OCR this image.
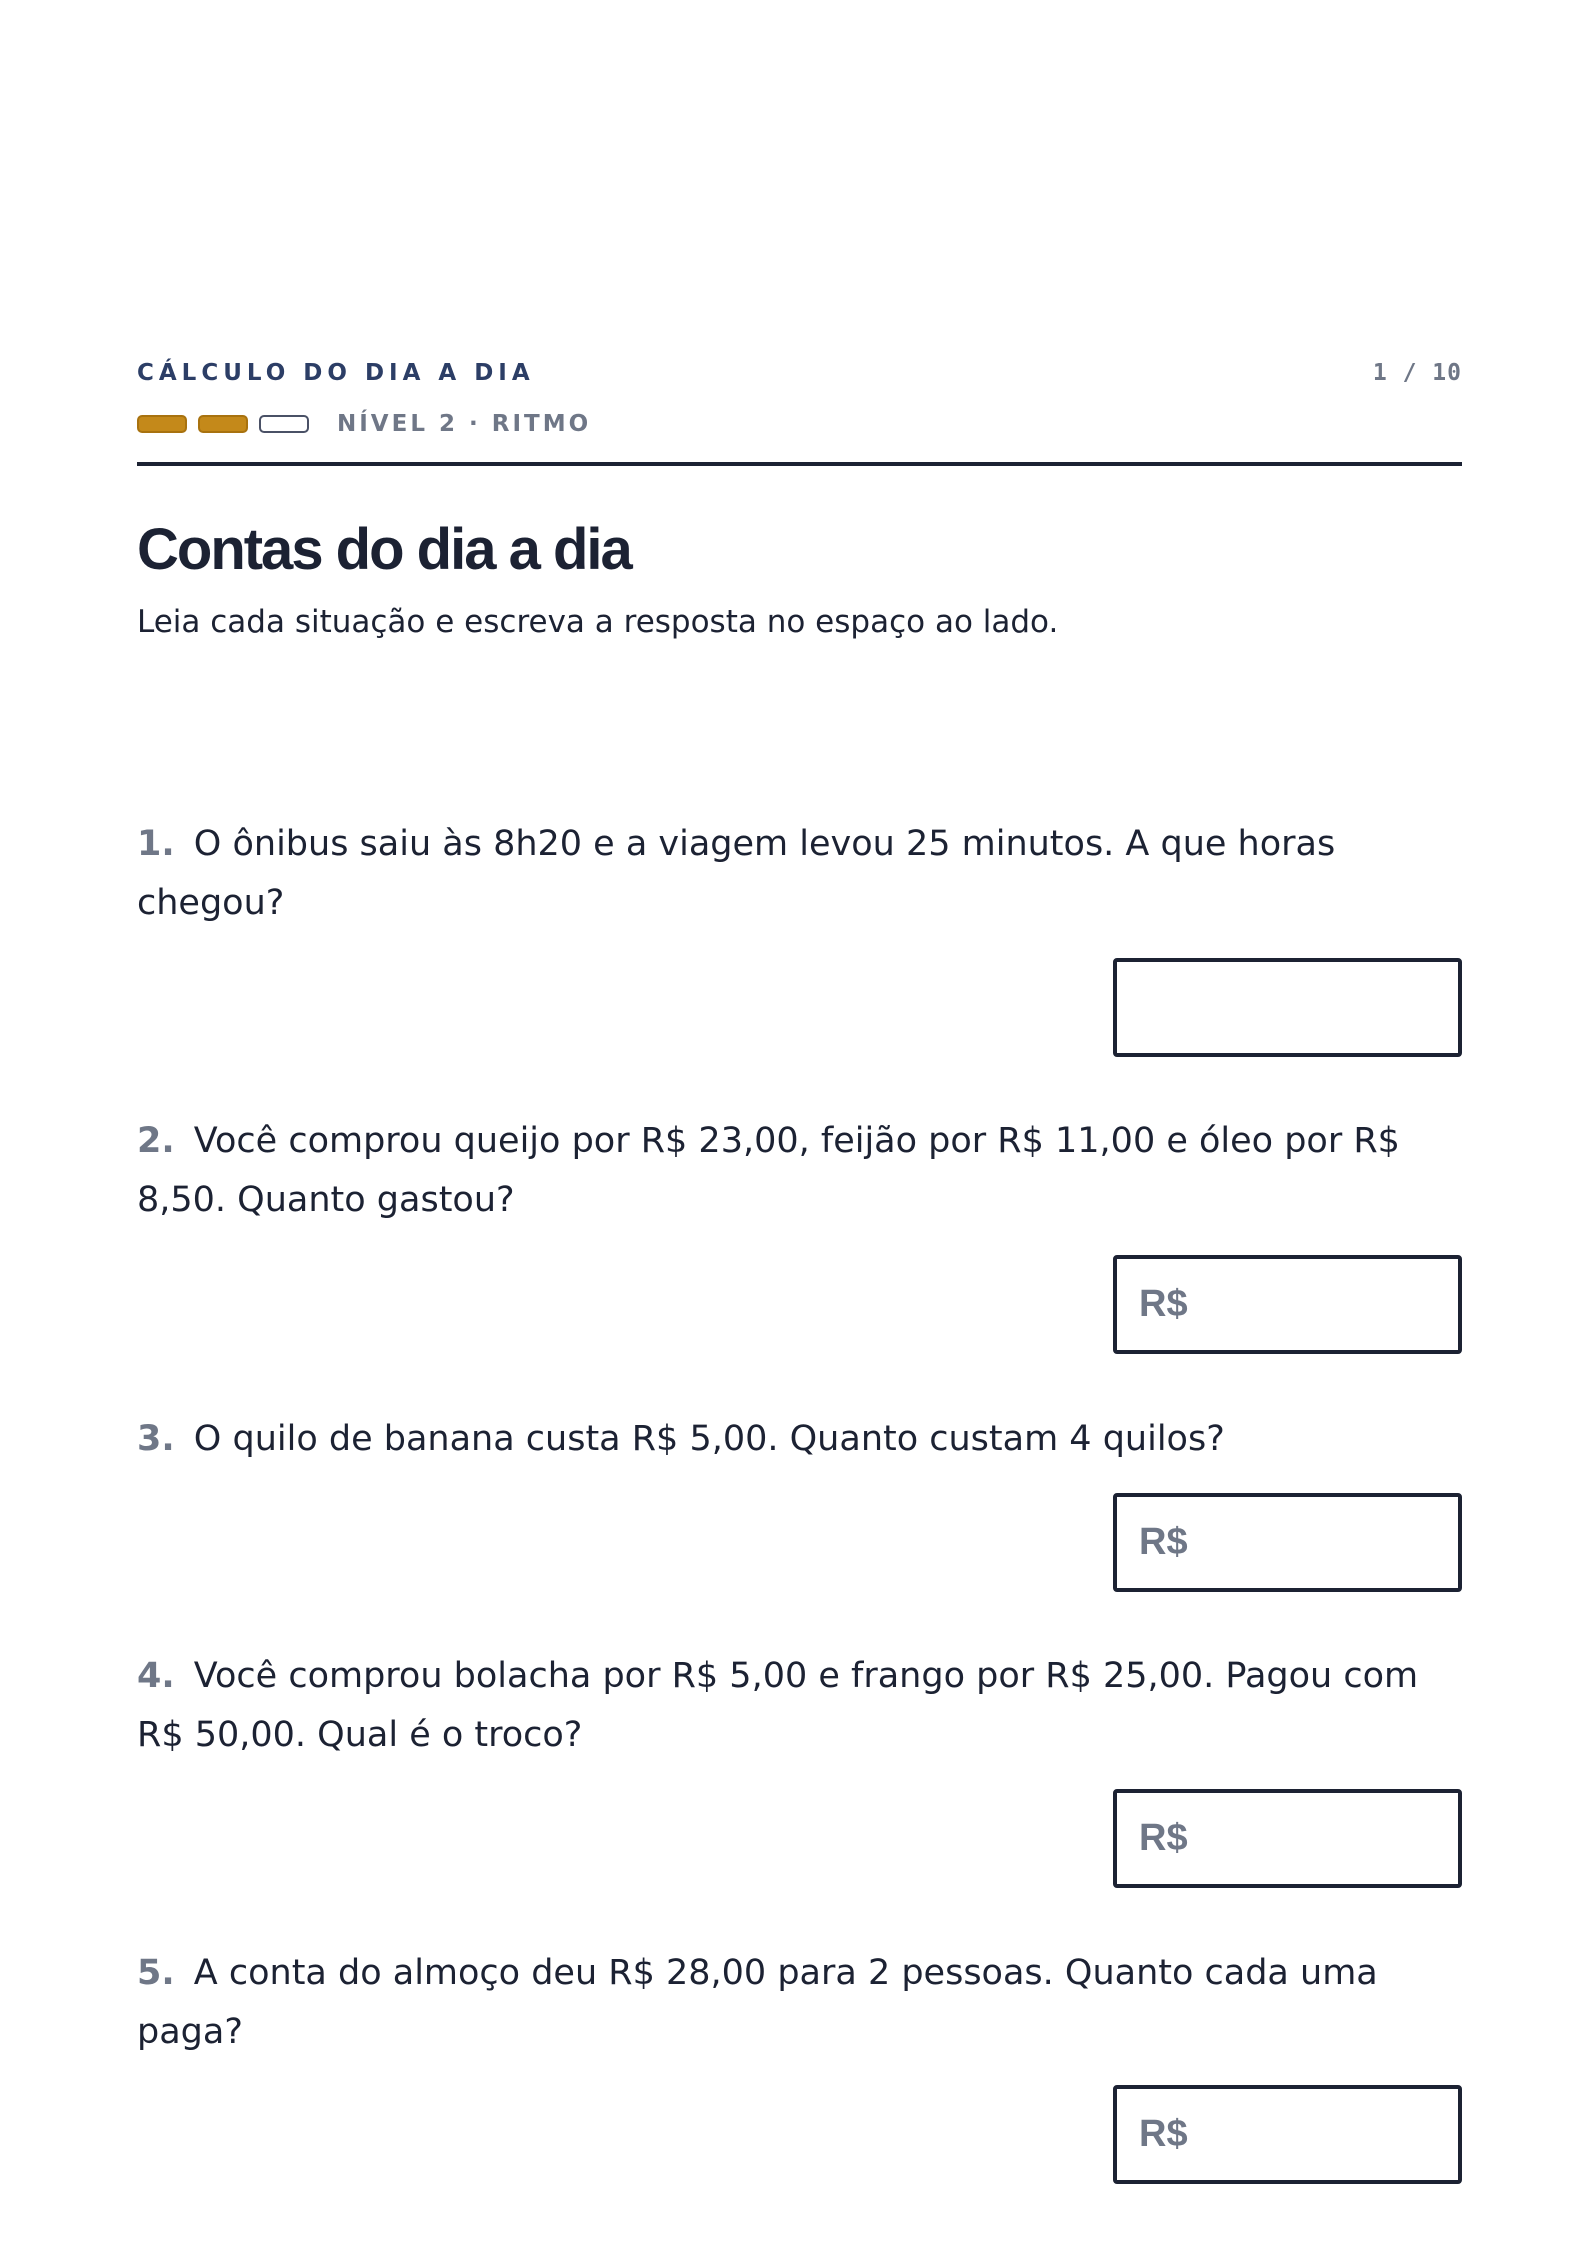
CÁLCULO DO DIA A DIA	1 / 10
NÍVEL 2 · RITMO
Contas do dia a dia
Leia cada situação e escreva a resposta no espaço ao lado.
1. O ônibus saiu às 8h20 e a viagem levou 25 minutos. A que horas chegou?
2. Você comprou queijo por R$ 23,00, feijão por R$ 11,00 e óleo por R$ 8,50. Quanto gastou?
R$
3. O quilo de banana custa R$ 5,00. Quanto custam 4 quilos?
R$
4. Você comprou bolacha por R$ 5,00 e frango por R$ 25,00. Pagou com R$ 50,00. Qual é o troco?
R$
5. A conta do almoço deu R$ 28,00 para 2 pessoas. Quanto cada uma paga?
R$
